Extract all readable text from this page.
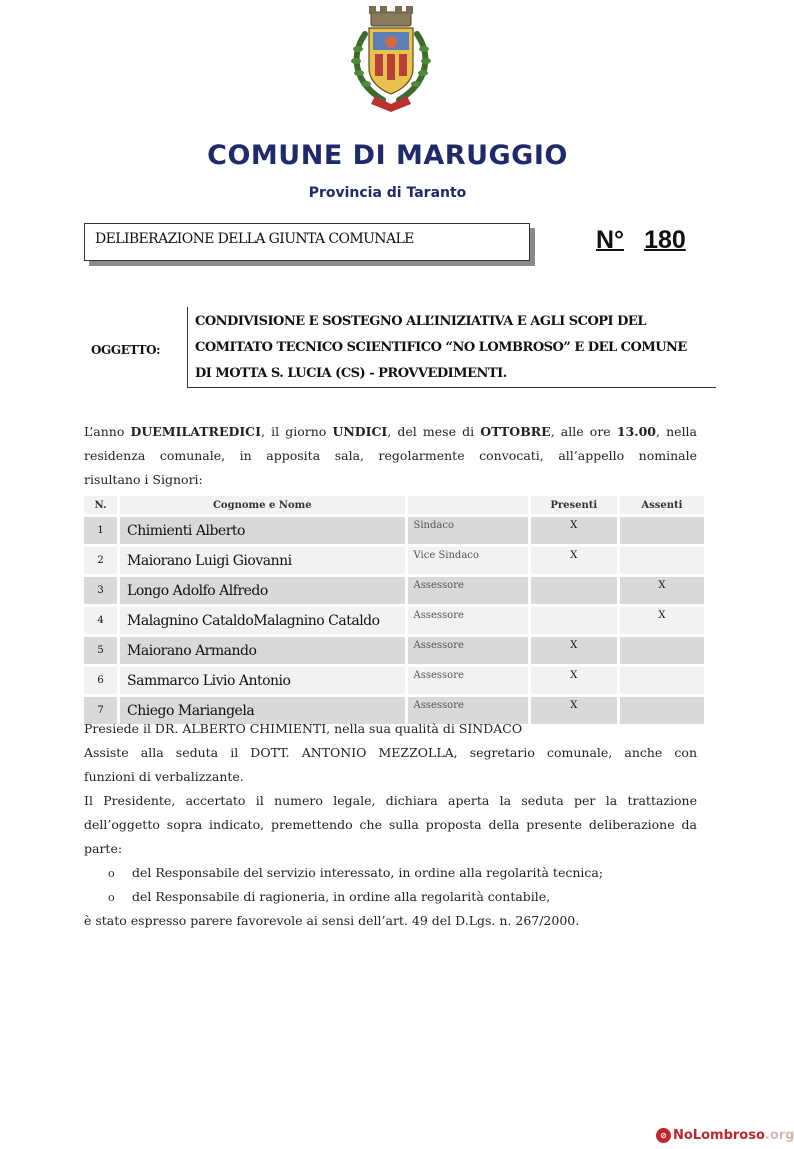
COMUNE DI MARUGGIO
Provincia di Taranto
DELIBERAZIONE DELLA GIUNTA COMUNALE	N° 180
OGGETTO:
CONDIVISIONE E SOSTEGNO ALL’INIZIATIVA E AGLI SCOPI DEL
COMITATO TECNICO SCIENTIFICO “NO LOMBROSO” E DEL COMUNE
DI MOTTA S. LUCIA (CS) - PROVVEDIMENTI.
L’anno DUEMILATREDICI, il giorno UNDICI, del mese di OTTOBRE, alle ore 13.00, nella
residenza comunale, in apposita sala, regolarmente convocati, all’appello nominale
risultano i Signori:
N.	Cognome e Nome		Presenti	Assenti
1	Chimienti Alberto	Sindaco	X	
2	Maiorano Luigi Giovanni	Vice Sindaco	X	
3	Longo Adolfo Alfredo	Assessore		X
4	Malagnino CataldoMalagnino Cataldo	Assessore		X
5	Maiorano Armando	Assessore	X	
6	Sammarco Livio Antonio	Assessore	X	
7	Chiego Mariangela	Assessore	X	
Presiede il DR. ALBERTO CHIMIENTI, nella sua qualità di SINDACO
Assiste alla seduta il DOTT. ANTONIO MEZZOLLA, segretario comunale, anche con
funzioni di verbalizzante.
Il Presidente, accertato il numero legale, dichiara aperta la seduta per la trattazione
dell’oggetto sopra indicato, premettendo che sulla proposta della presente deliberazione da
parte:
o del Responsabile del servizio interessato, in ordine alla regolarità tecnica;
o del Responsabile di ragioneria, in ordine alla regolarità contabile,
è stato espresso parere favorevole ai sensi dell’art. 49 del D.Lgs. n. 267/2000.
⊘ NoLombroso.org
